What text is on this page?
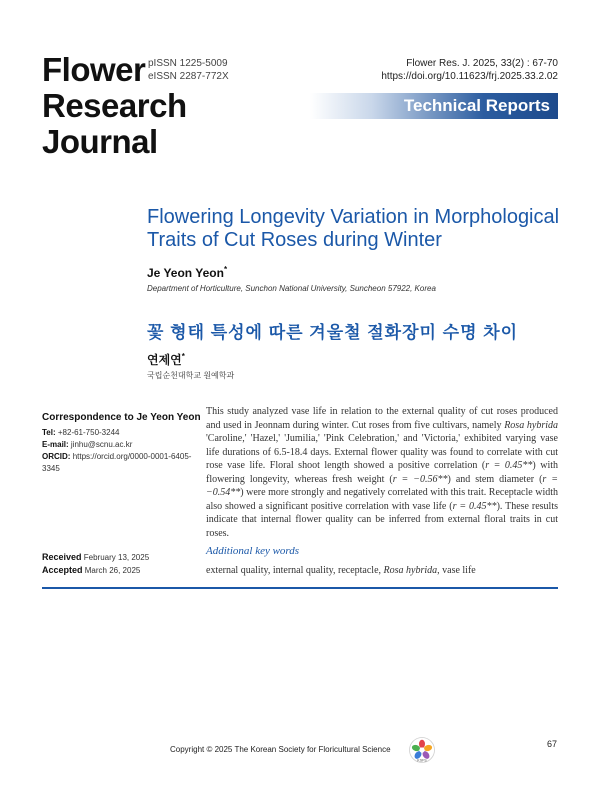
Flower
Research
Journal
pISSN 1225-5009
eISSN 2287-772X
Flower Res. J. 2025, 33(2) : 67-70
https://doi.org/10.11623/frj.2025.33.2.02
Technical Reports
Flowering Longevity Variation in Morphological
Traits of Cut Roses during Winter
Je Yeon Yeon*
Department of Horticulture, Sunchon National University, Suncheon 57922, Korea
꽃 형태 특성에 따른 겨울철 절화장미 수명 차이
연제연*
국립순천대학교 원예학과
Correspondence to Je Yeon Yeon
Tel: +82-61-750-3244
E-mail: jinhu@scnu.ac.kr
ORCID: https://orcid.org/0000-0001-6405-3345
This study analyzed vase life in relation to the external quality of cut roses produced and used in Jeonnam during winter. Cut roses from five cultivars, namely Rosa hybrida 'Caroline,' 'Hazel,' 'Jumilia,' 'Pink Celebration,' and 'Victoria,' exhibited varying vase life durations of 6.5-18.4 days. External flower quality was found to correlate with cut rose vase life. Floral shoot length showed a positive correlation (r = 0.45**) with flowering longevity, whereas fresh weight (r = −0.56**) and stem diameter (r = −0.54**) were more strongly and negatively correlated with this trait. Receptacle width also showed a significant positive correlation with vase life (r = 0.45**). These results indicate that internal flower quality can be inferred from external floral traits in cut roses.
Received February 13, 2025
Accepted March 26, 2025
Additional key words
external quality, internal quality, receptacle, Rosa hybrida, vase life
Copyright © 2025 The Korean Society for Floricultural Science
KSFS
67
